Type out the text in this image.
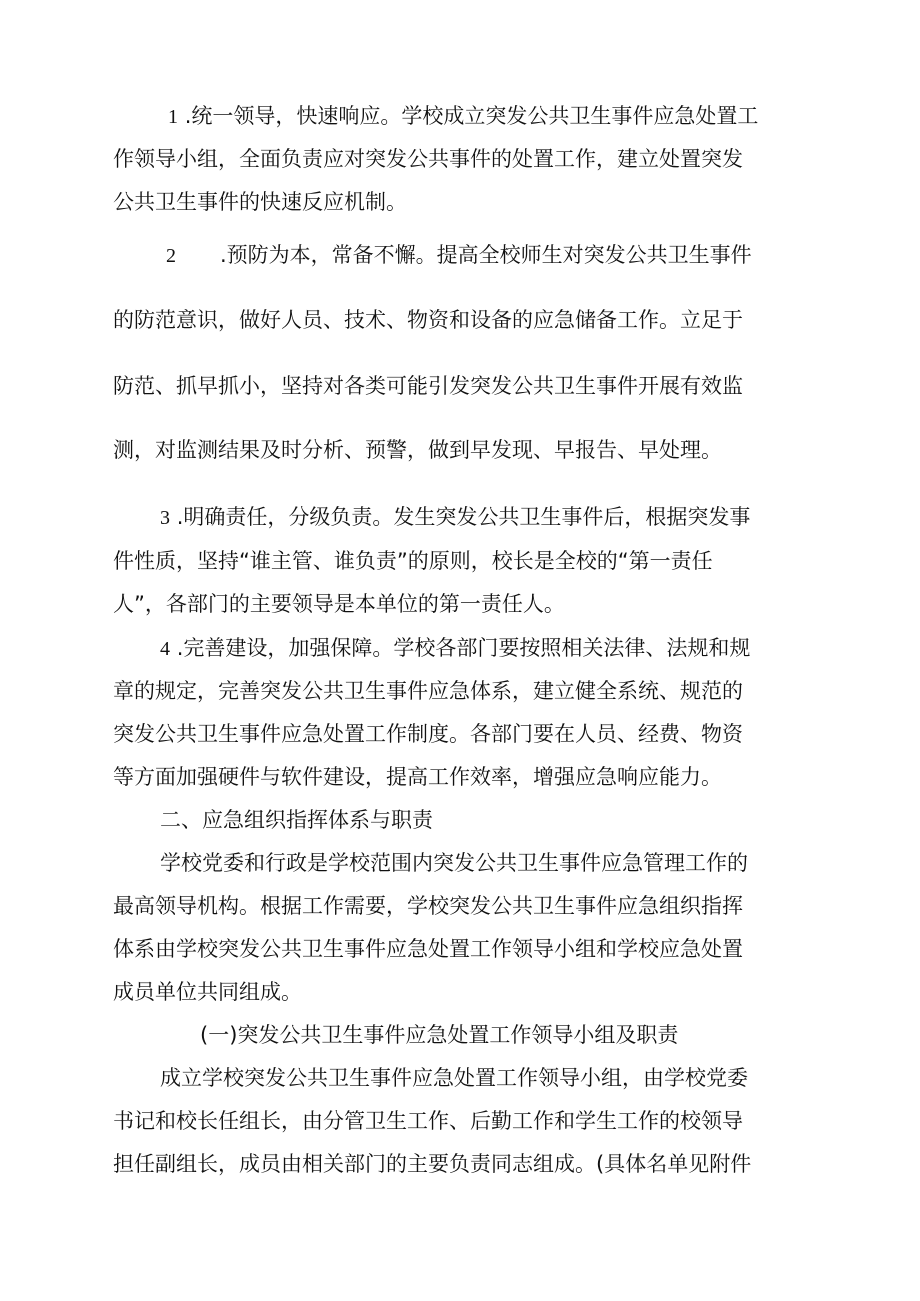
1 .统一领导，快速响应。学校成立突发公共卫生事件应急处置工

作领导小组，全面负责应对突发公共事件的处置工作，建立处置突发

公共卫生事件的快速反应机制。

2 .预防为本，常备不懈。提高全校师生对突发公共卫生事件

的防范意识，做好人员、技术、物资和设备的应急储备工作。立足于

防范、抓早抓小，坚持对各类可能引发突发公共卫生事件开展有效监

测，对监测结果及时分析、预警，做到早发现、早报告、早处理。

3 .明确责任，分级负责。发生突发公共卫生事件后，根据突发事

件性质，坚持“谁主管、谁负责”的原则，校长是全校的“第一责任

人”，各部门的主要领导是本单位的第一责任人。

4 .完善建设，加强保障。学校各部门要按照相关法律、法规和规

章的规定，完善突发公共卫生事件应急体系，建立健全系统、规范的

突发公共卫生事件应急处置工作制度。各部门要在人员、经费、物资

等方面加强硬件与软件建设，提高工作效率，增强应急响应能力。

二、应急组织指挥体系与职责

学校党委和行政是学校范围内突发公共卫生事件应急管理工作的

最高领导机构。根据工作需要，学校突发公共卫生事件应急组织指挥

体系由学校突发公共卫生事件应急处置工作领导小组和学校应急处置

成员单位共同组成。

(一)突发公共卫生事件应急处置工作领导小组及职责

成立学校突发公共卫生事件应急处置工作领导小组，由学校党委

书记和校长任组长，由分管卫生工作、后勤工作和学生工作的校领导

担任副组长，成员由相关部门的主要负责同志组成。(具体名单见附件
